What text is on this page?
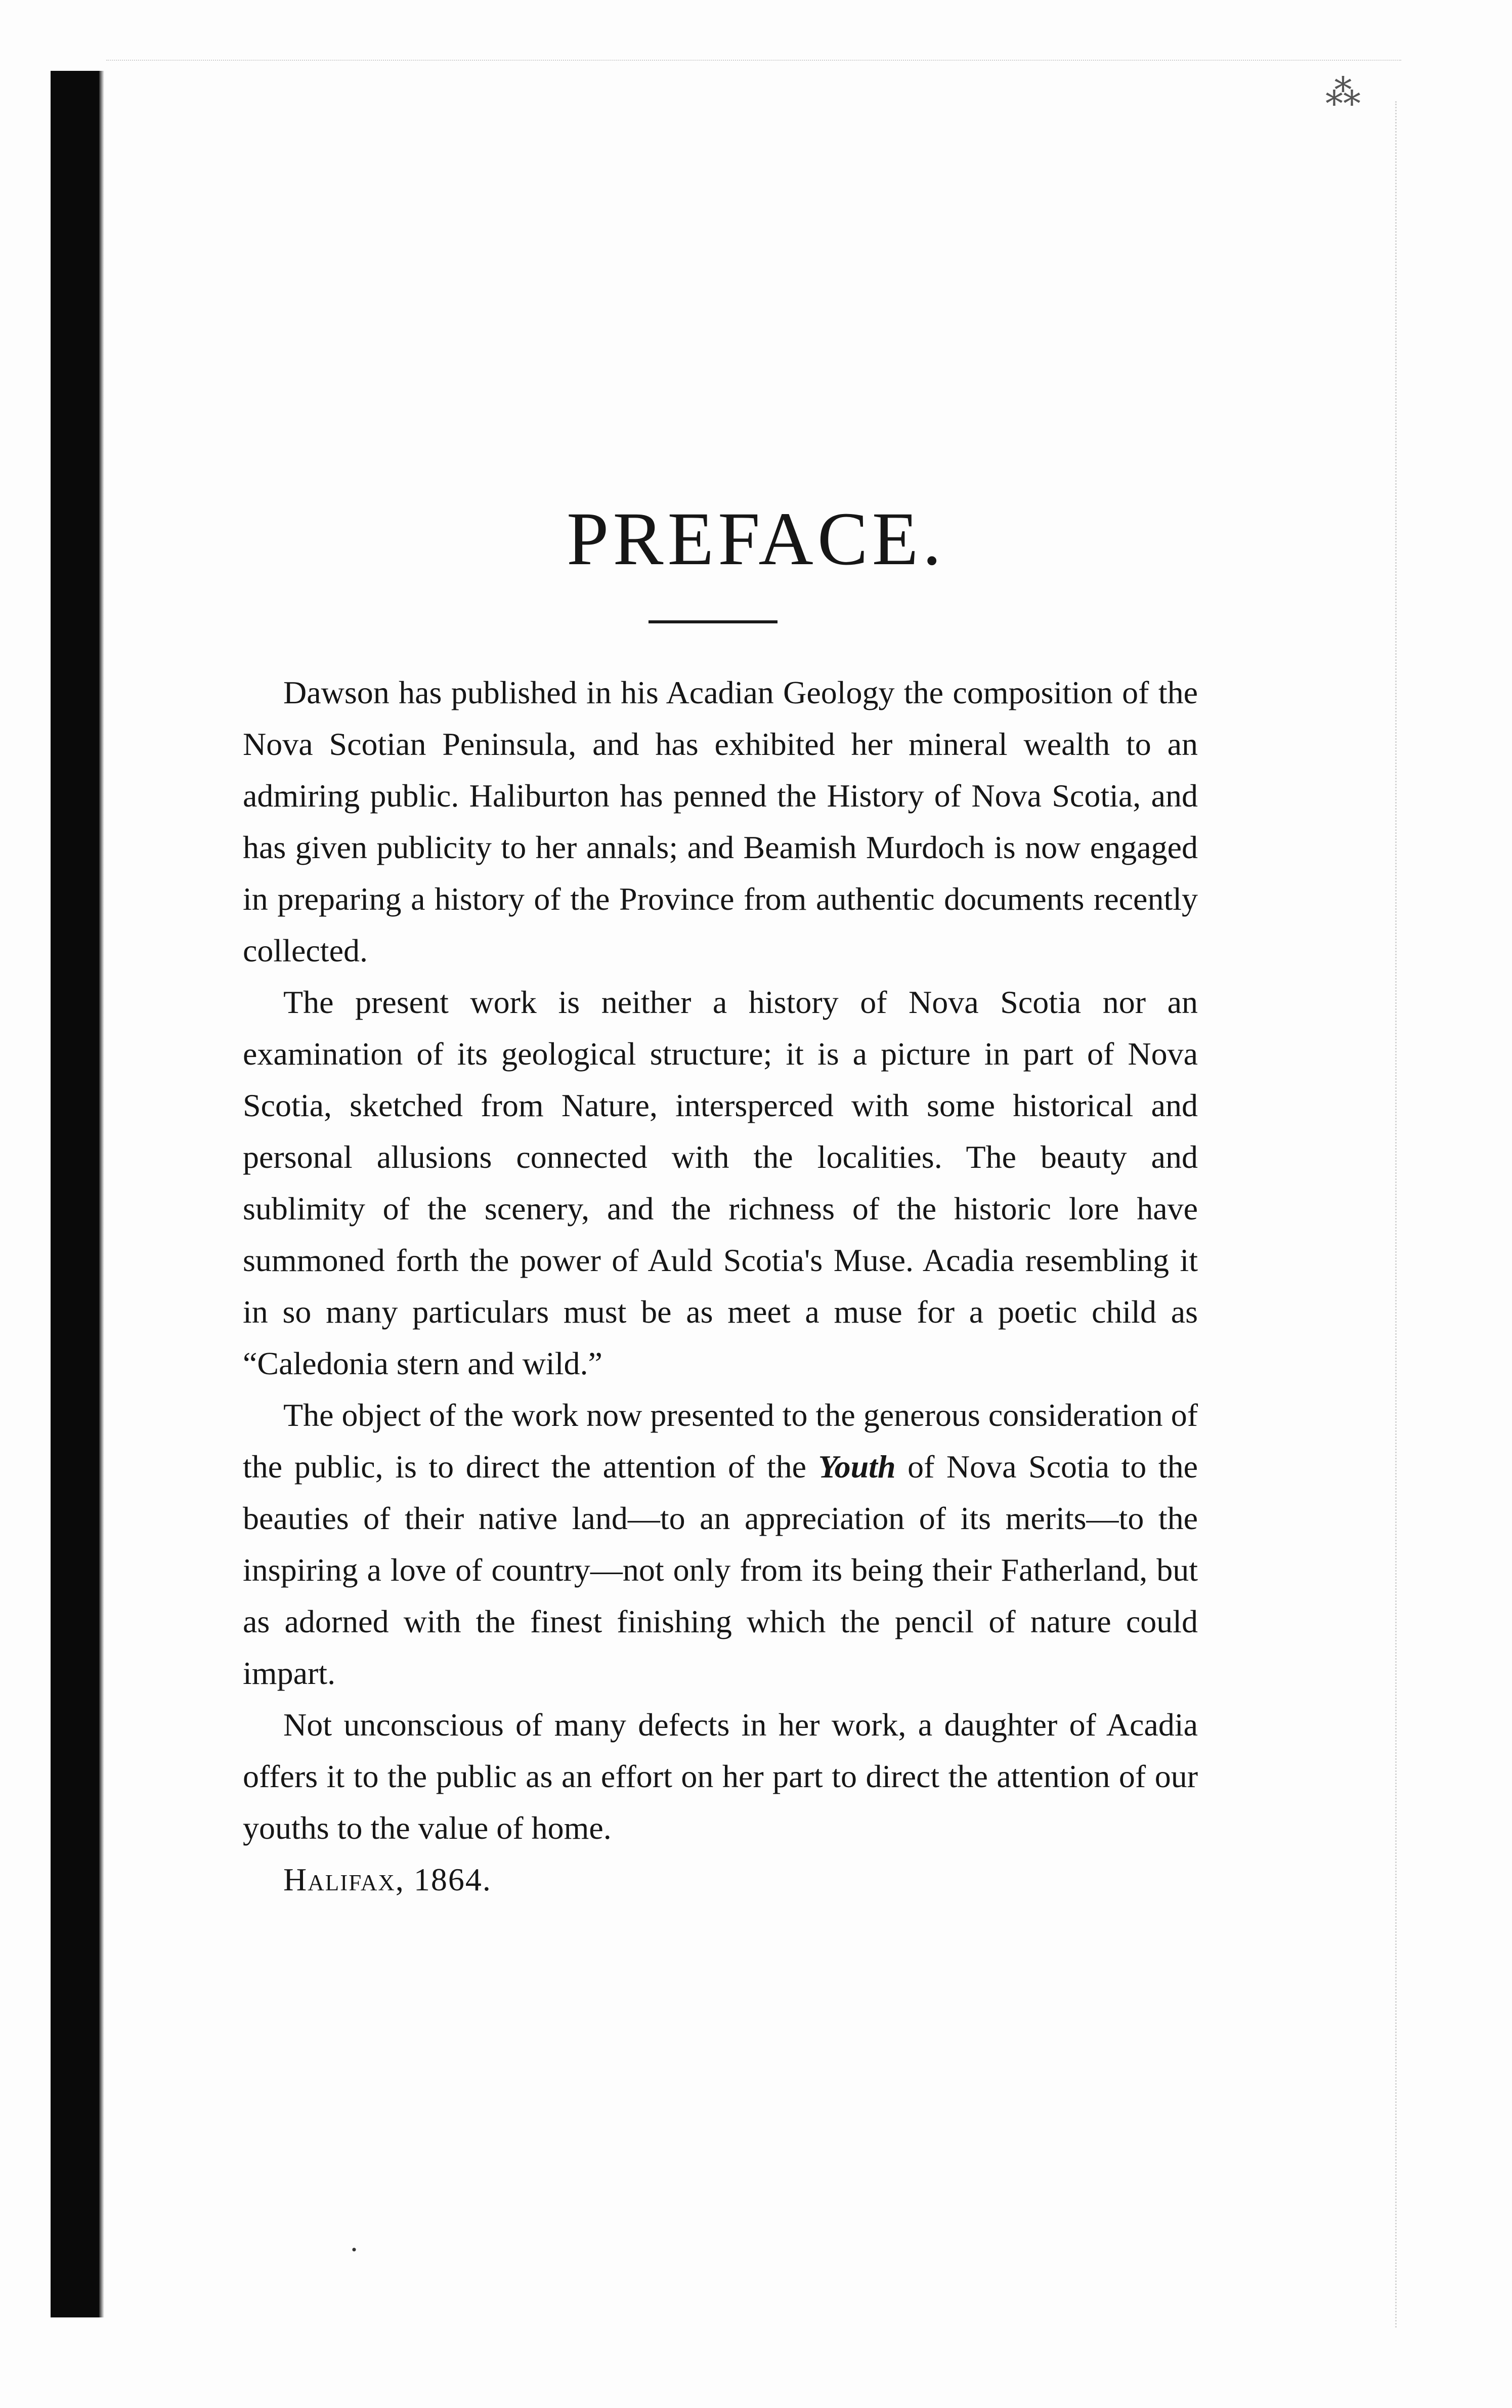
⁂
PREFACE.

Dawson has published in his Acadian Geology the composition of the Nova Scotian Peninsula, and has exhibited her mineral wealth to an admiring public. Haliburton has penned the History of Nova Scotia, and has given publicity to her annals; and Beamish Murdoch is now engaged in preparing a history of the Province from authentic documents recently collected.

The present work is neither a history of Nova Scotia nor an examination of its geological structure; it is a picture in part of Nova Scotia, sketched from Nature, intersperced with some historical and personal allusions connected with the localities. The beauty and sublimity of the scenery, and the richness of the historic lore have summoned forth the power of Auld Scotia's Muse. Acadia resembling it in so many particulars must be as meet a muse for a poetic child as “Caledonia stern and wild.”

The object of the work now presented to the generous consideration of the public, is to direct the attention of the Youth of Nova Scotia to the beauties of their native land—to an appreciation of its merits—to the inspiring a love of country—not only from its being their Fatherland, but as adorned with the finest finishing which the pencil of nature could impart.

Not unconscious of many defects in her work, a daughter of Acadia offers it to the public as an effort on her part to direct the attention of our youths to the value of home.

Halifax, 1864.

·
